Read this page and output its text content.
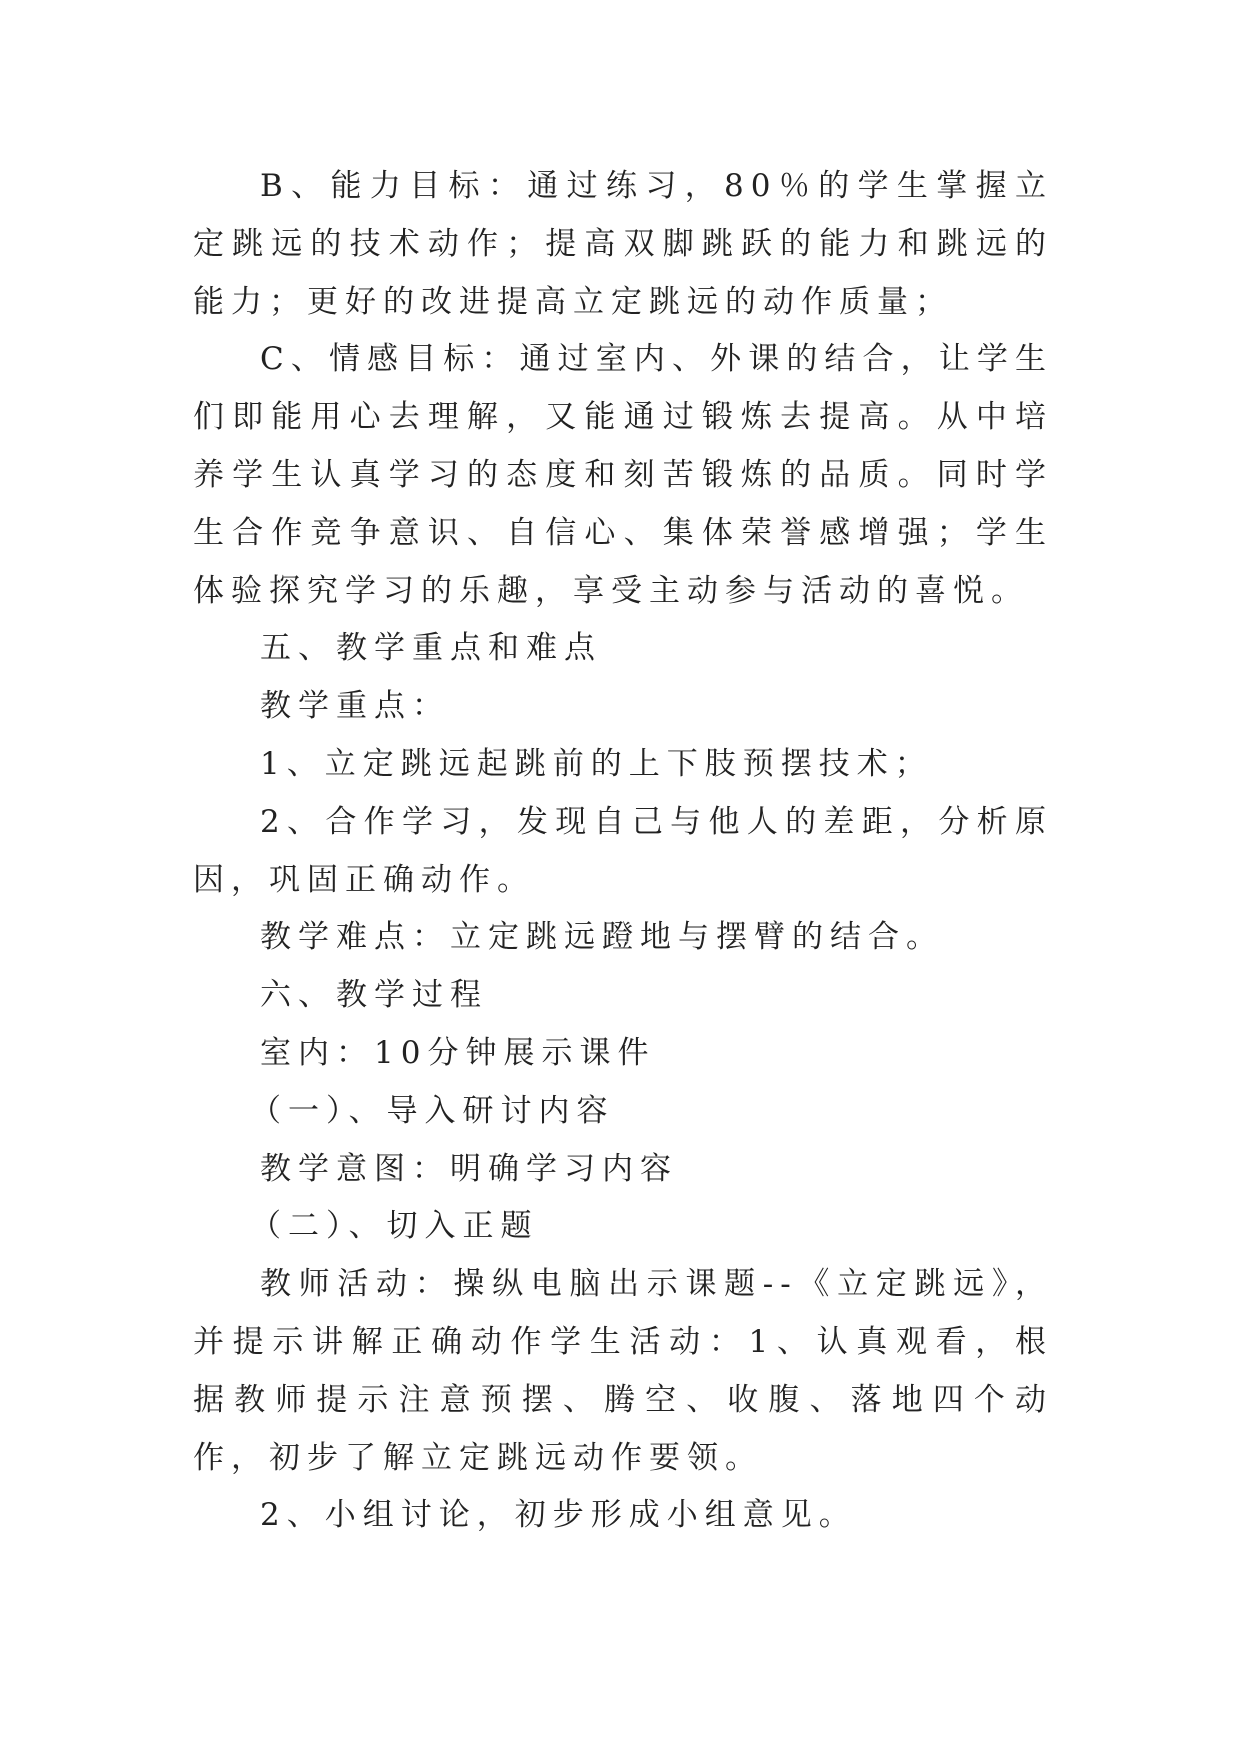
B、能力目标：通过练习，80％的学生掌握立定跳远的技术动作；提高双脚跳跃的能力和跳远的能力；更好的改进提高立定跳远的动作质量；

C、情感目标：通过室内、外课的结合，让学生们即能用心去理解，又能通过锻炼去提高。从中培养学生认真学习的态度和刻苦锻炼的品质。同时学生合作竞争意识、自信心、集体荣誉感增强；学生体验探究学习的乐趣，享受主动参与活动的喜悦。

五、教学重点和难点

教学重点：

1、立定跳远起跳前的上下肢预摆技术；

2、合作学习，发现自己与他人的差距，分析原因，巩固正确动作。

教学难点：立定跳远蹬地与摆臂的结合。

六、教学过程

室内：10分钟展示课件

（一）、导入研讨内容

教学意图：明确学习内容

（二）、切入正题

教师活动：操纵电脑出示课题--《立定跳远》，并提示讲解正确动作学生活动：1、认真观看，根据教师提示注意预摆、腾空、收腹、落地四个动作，初步了解立定跳远动作要领。

2、小组讨论，初步形成小组意见。
